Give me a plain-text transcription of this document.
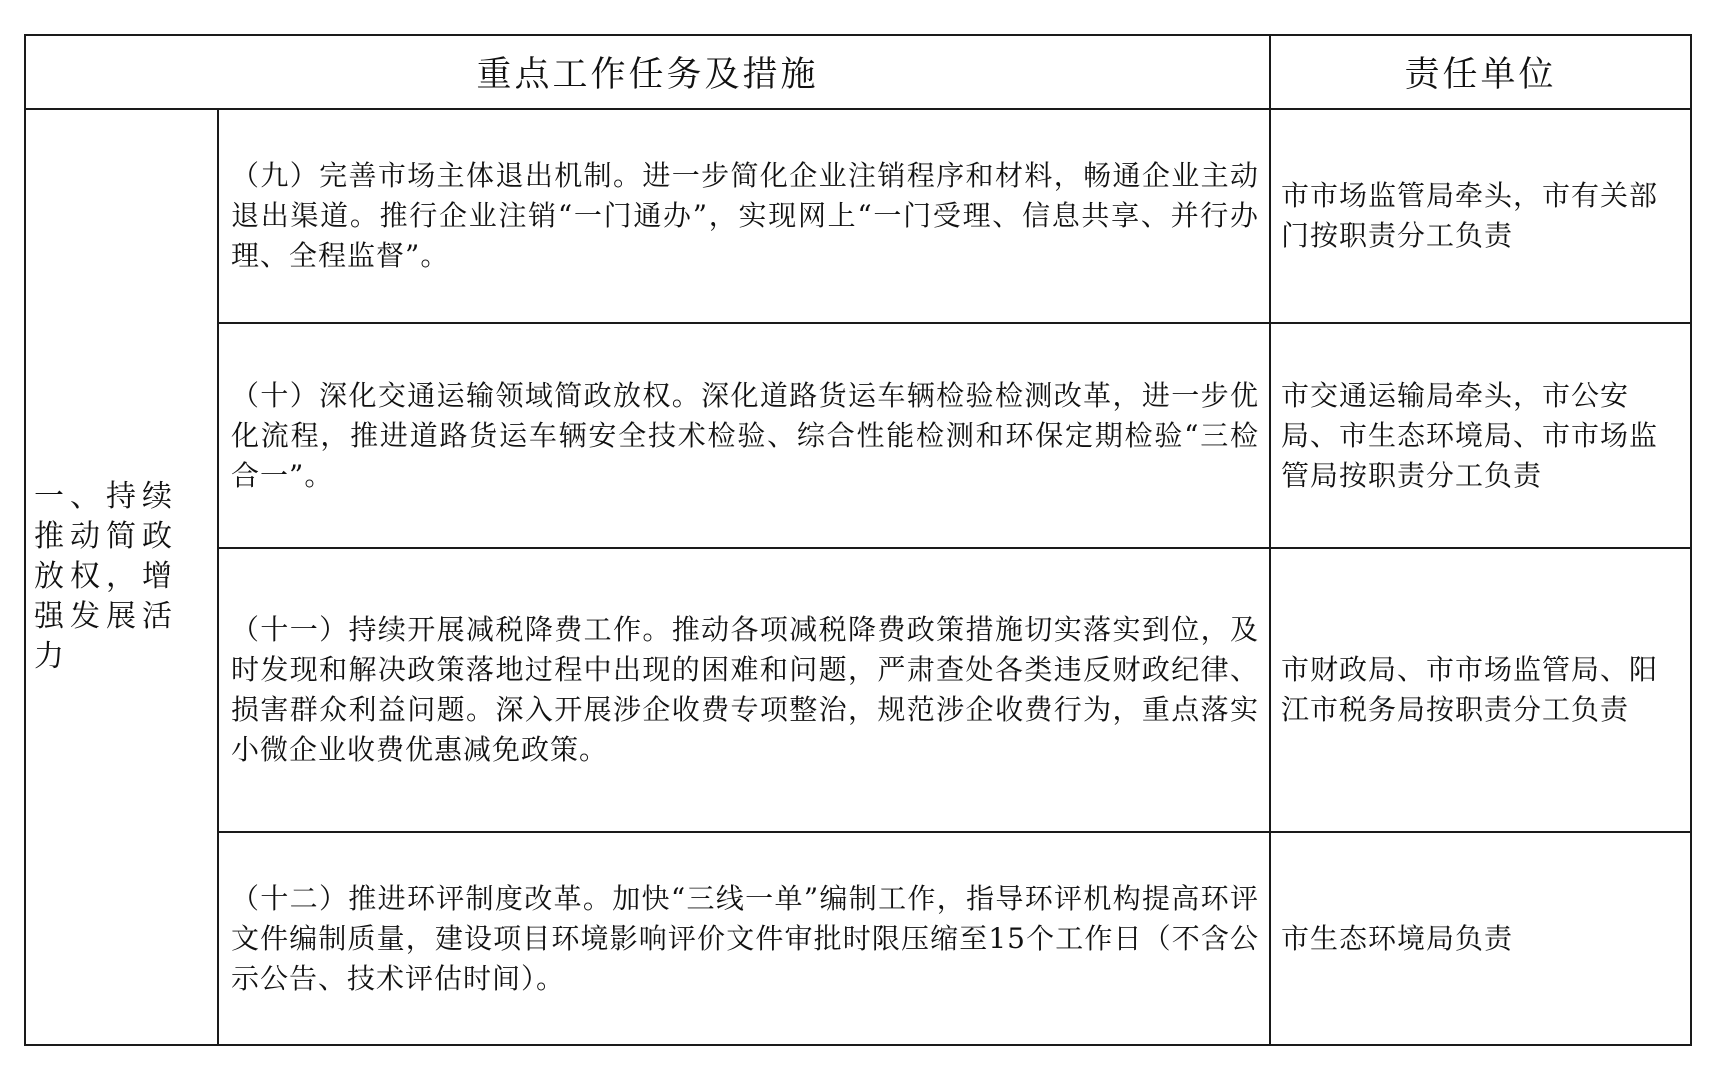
重点工作任务及措施		责任单位
一、持续推动简政放权，增强发展活力	（九）完善市场主体退出机制。进一步简化企业注销程序和材料，畅通企业主动退出渠道。推行企业注销“一门通办”，实现网上“一门受理、信息共享、并行办理、全程监督”。	市市场监管局牵头，市有关部门按职责分工负责
	（十）深化交通运输领域简政放权。深化道路货运车辆检验检测改革，进一步优化流程，推进道路货运车辆安全技术检验、综合性能检测和环保定期检验“三检合一”。	市交通运输局牵头，市公安局、市生态环境局、市市场监管局按职责分工负责
	（十一）持续开展减税降费工作。推动各项减税降费政策措施切实落实到位，及时发现和解决政策落地过程中出现的困难和问题，严肃查处各类违反财政纪律、损害群众利益问题。深入开展涉企收费专项整治，规范涉企收费行为，重点落实小微企业收费优惠减免政策。	市财政局、市市场监管局、阳江市税务局按职责分工负责
	（十二）推进环评制度改革。加快“三线一单”编制工作，指导环评机构提高环评文件编制质量，建设项目环境影响评价文件审批时限压缩至15个工作日（不含公示公告、技术评估时间）。	市生态环境局负责
